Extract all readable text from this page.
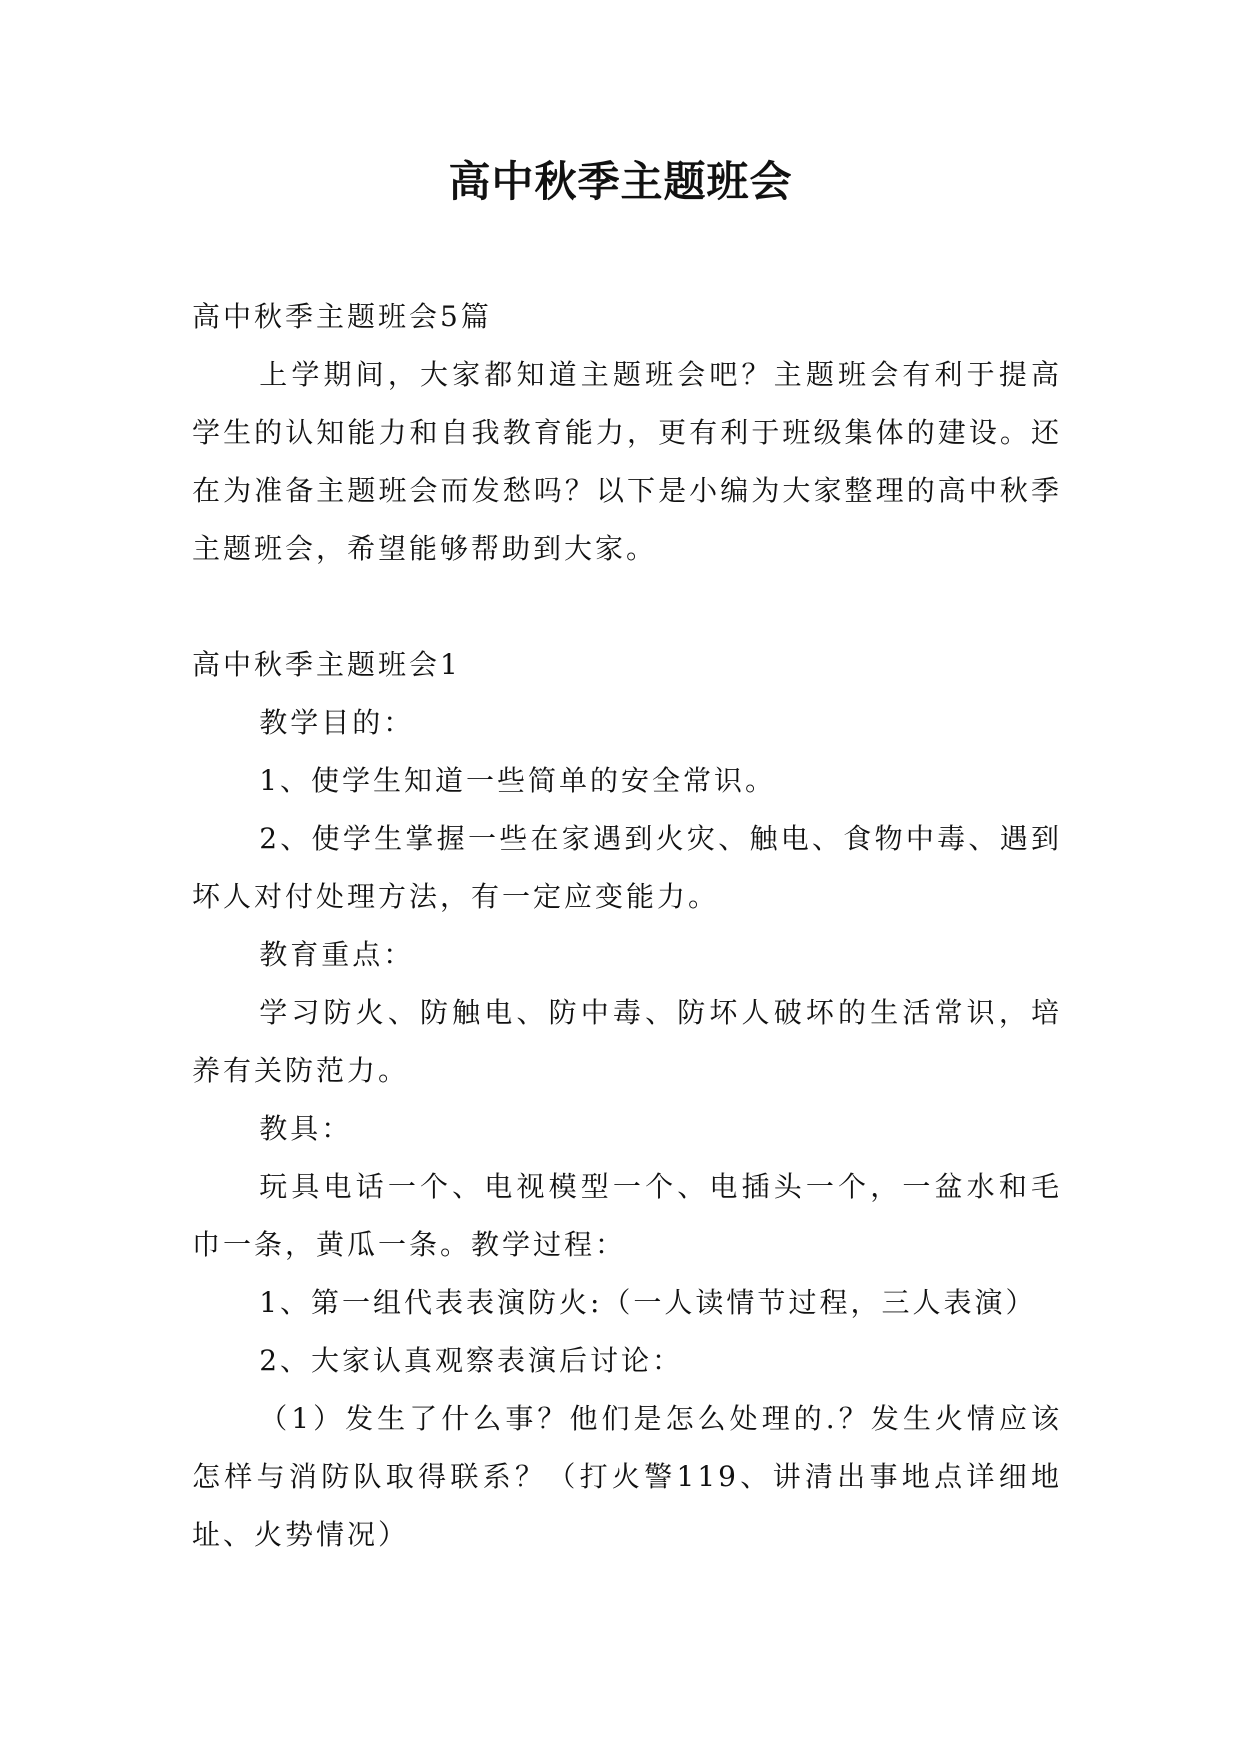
高中秋季主题班会

高中秋季主题班会5篇

上学期间，大家都知道主题班会吧？主题班会有利于提高学生的认知能力和自我教育能力，更有利于班级集体的建设。还在为准备主题班会而发愁吗？以下是小编为大家整理的高中秋季主题班会，希望能够帮助到大家。

高中秋季主题班会1

教学目的：

1、使学生知道一些简单的安全常识。

2、使学生掌握一些在家遇到火灾、触电、食物中毒、遇到坏人对付处理方法，有一定应变能力。

教育重点：

学习防火、防触电、防中毒、防坏人破坏的生活常识，培养有关防范力。

教具：

玩具电话一个、电视模型一个、电插头一个，一盆水和毛巾一条，黄瓜一条。教学过程：

1、第一组代表表演防火:（一人读情节过程，三人表演）

2、大家认真观察表演后讨论：

（1）发生了什么事？他们是怎么处理的.？发生火情应该怎样与消防队取得联系？（打火警119、讲清出事地点详细地址、火势情况）
